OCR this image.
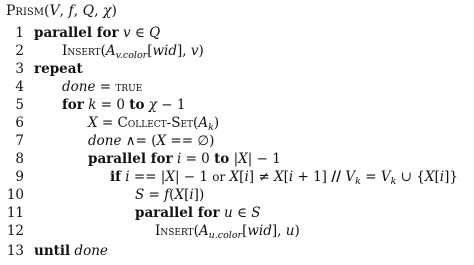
Prism(V, f, Q, χ)
1 parallel for v ∈ Q
2	$Insert(A_{v.color}[wid]$, v)
3 repeat
4	done = true
5	for k = 0 to χ − 1
6	X = Collect-$Set(A_k)$
7	done ∧= (X == ∅)
8	parallel for i = 0 to |X| − 1
9	if i == |X| − 1 or $X[i] \ne X[i + 1] // V_k = V_k$ ∪ {X[i]}
10	S = f(X[i])
11	parallel for u ∈ S
12	$Insert(A_{u.color}[wid]$, u)
13 until done
